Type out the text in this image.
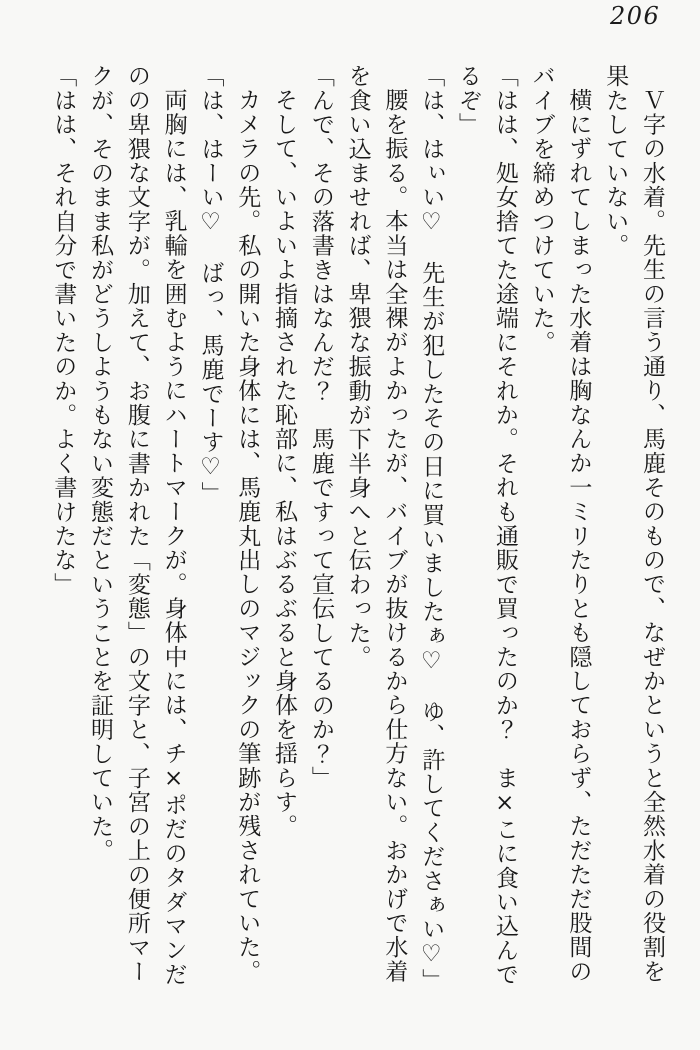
206
Ｖ字の水着。先生の言う通り、馬鹿そのもので、なぜかというと全然水着の役割を
果たしていない。
横にずれてしまった水着は胸なんか一ミリたりとも隠しておらず、ただただ股間の
バイブを締めつけていた。
「はは、処女捨てた途端にそれか。それも通販で買ったのか？　ま×こに食い込んで
るぞ」
「は、はぃい♡　先生が犯したその日に買いましたぁ♡　ゆ、許してくださぁい♡」
腰を振る。本当は全裸がよかったが、バイブが抜けるから仕方ない。おかげで水着
を食い込ませれば、卑猥な振動が下半身へと伝わった。
「んで、その落書きはなんだ？　馬鹿ですって宣伝してるのか？」
そして、いよいよ指摘された恥部に、私はぶるぶると身体を揺らす。
カメラの先。私の開いた身体には、馬鹿丸出しのマジックの筆跡が残されていた。
「は、はーい♡　ばっ、馬鹿でーす♡」
両胸には、乳輪を囲むようにハートマークが。身体中には、チ×ポだのタダマンだ
のの卑猥な文字が。加えて、お腹に書かれた「変態」の文字と、子宮の上の便所マー
クが、そのまま私がどうしようもない変態だということを証明していた。
「はは、それ自分で書いたのか。よく書けたな」
